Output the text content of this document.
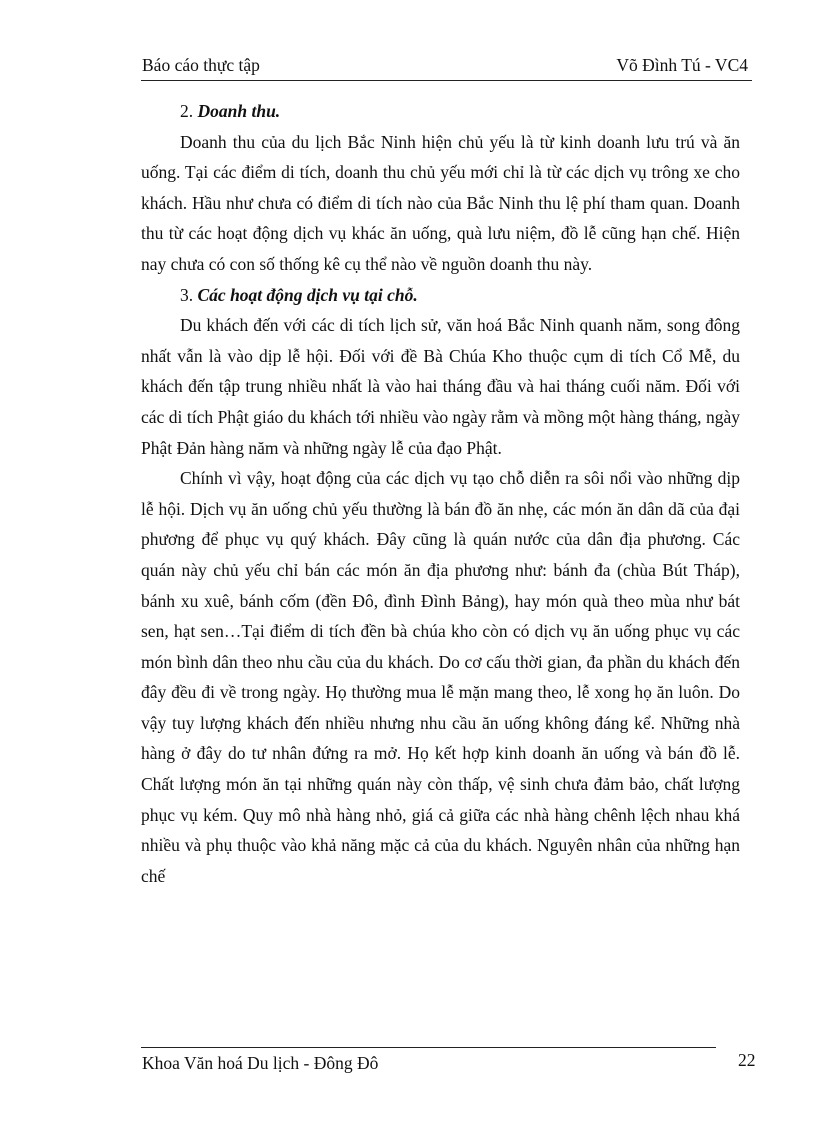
Báo cáo thực tập	Võ Đình Tú - VC4
2. Doanh thu.

Doanh thu của du lịch Bắc Ninh hiện chủ yếu là từ kinh doanh lưu trú và ăn uống. Tại các điểm di tích, doanh thu chủ yếu mới chỉ là từ các dịch vụ trông xe cho khách. Hầu như chưa có điểm di tích nào của Bắc Ninh thu lệ phí tham quan. Doanh thu từ các hoạt động dịch vụ khác ăn uống, quà lưu niệm, đồ lễ cũng hạn chế. Hiện nay chưa có con số thống kê cụ thể nào về nguồn doanh thu này.

3. Các hoạt động dịch vụ tại chỗ.

Du khách đến với các di tích lịch sử, văn hoá Bắc Ninh quanh năm, song đông nhất vẫn là vào dịp lễ hội. Đối với đề Bà Chúa Kho thuộc cụm di tích Cổ Mễ, du khách đến tập trung nhiều nhất là vào hai tháng đầu và hai tháng cuối năm. Đối với các di tích Phật giáo du khách tới nhiều vào ngày rằm và mồng một hàng tháng, ngày Phật Đản hàng năm và những ngày lễ của đạo Phật.

Chính vì vậy, hoạt động của các dịch vụ tạo chỗ diễn ra sôi nổi vào những dịp lễ hội. Dịch vụ ăn uống chủ yếu thường là bán đồ ăn nhẹ, các món ăn dân dã của đại phương để phục vụ quý khách. Đây cũng là quán nước của dân địa phương. Các quán này chủ yếu chỉ bán các món ăn địa phương như: bánh đa (chùa Bút Tháp), bánh xu xuê, bánh cốm (đền Đô, đình Đình Bảng), hay món quà theo mùa như bát sen, hạt sen…Tại điểm di tích đền bà chúa kho còn có dịch vụ ăn uống phục vụ các món bình dân theo nhu cầu của du khách. Do cơ cấu thời gian, đa phần du khách đến đây đều đi về trong ngày. Họ thường mua lễ mặn mang theo, lễ xong họ ăn luôn. Do vậy tuy lượng khách đến nhiều nhưng nhu cầu ăn uống không đáng kể. Những nhà hàng ở đây do tư nhân đứng ra mở. Họ kết hợp kinh doanh ăn uống và bán đồ lễ. Chất lượng món ăn tại những quán này còn thấp, vệ sinh chưa đảm bảo, chất lượng phục vụ kém. Quy mô nhà hàng nhỏ, giá cả giữa các nhà hàng chênh lệch nhau khá nhiều và phụ thuộc vào khả năng mặc cả của du khách. Nguyên nhân của những hạn chế

Khoa Văn hoá Du lịch - Đông Đô	22
